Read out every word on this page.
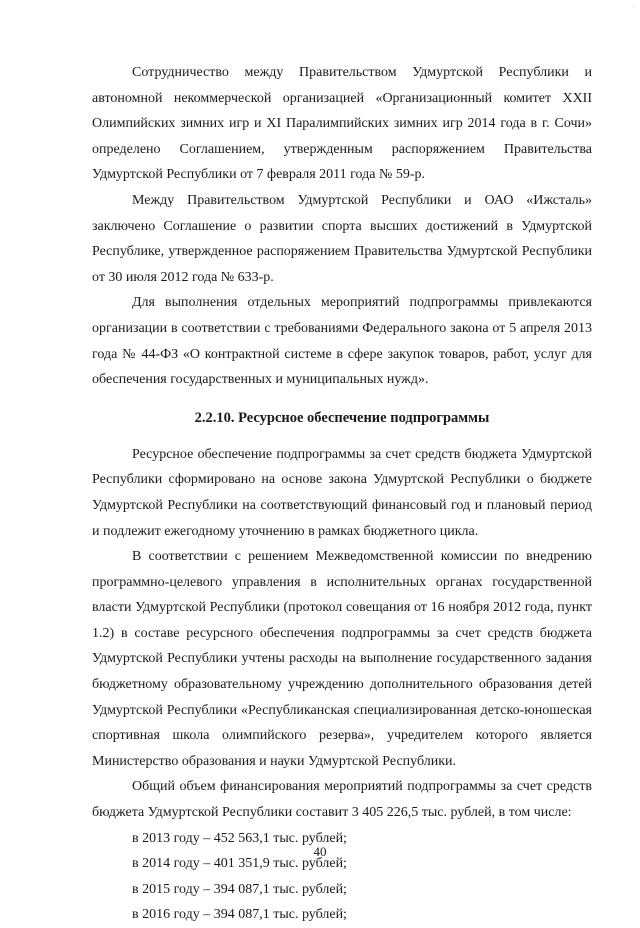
·

Сотрудничество между Правительством Удмуртской Республики и автономной некоммерческой организацией «Организационный комитет XXII Олимпийских зимних игр и XI Паралимпийских зимних игр 2014 года в г. Сочи» определено Соглашением, утвержденным распоряжением Правительства Удмуртской Республики от 7 февраля 2011 года № 59-р.

Между Правительством Удмуртской Республики и ОАО «Ижсталь» заключено Соглашение о развитии спорта высших достижений в Удмуртской Республике, утвержденное распоряжением Правительства Удмуртской Республики от 30 июля 2012 года № 633-р.

Для выполнения отдельных мероприятий подпрограммы привлекаются организации в соответствии с требованиями Федерального закона от 5 апреля 2013 года № 44-ФЗ «О контрактной системе в сфере закупок товаров, работ, услуг для обеспечения государственных и муниципальных нужд».

2.2.10. Ресурсное обеспечение подпрограммы

Ресурсное обеспечение подпрограммы за счет средств бюджета Удмуртской Республики сформировано на основе закона Удмуртской Республики о бюджете Удмуртской Республики на соответствующий финансовый год и плановый период и подлежит ежегодному уточнению в рамках бюджетного цикла.

В соответствии с решением Межведомственной комиссии по внедрению программно-целевого управления в исполнительных органах государственной власти Удмуртской Республики (протокол совещания от 16 ноября 2012 года, пункт 1.2) в составе ресурсного обеспечения подпрограммы за счет средств бюджета Удмуртской Республики учтены расходы на выполнение государственного задания бюджетному образовательному учреждению дополнительного образования детей Удмуртской Республики «Республиканская специализированная детско-юношеская спортивная школа олимпийского резерва», учредителем которого является Министерство образования и науки Удмуртской Республики.

Общий объем финансирования мероприятий подпрограммы за счет средств бюджета Удмуртской Республики составит 3 405 226,5 тыс. рублей, в том числе:

в 2013 году – 452 563,1 тыс. рублей;

в 2014 году – 401 351,9 тыс. рублей;

в 2015 году – 394 087,1 тыс. рублей;

в 2016 году – 394 087,1 тыс. рублей;

40
